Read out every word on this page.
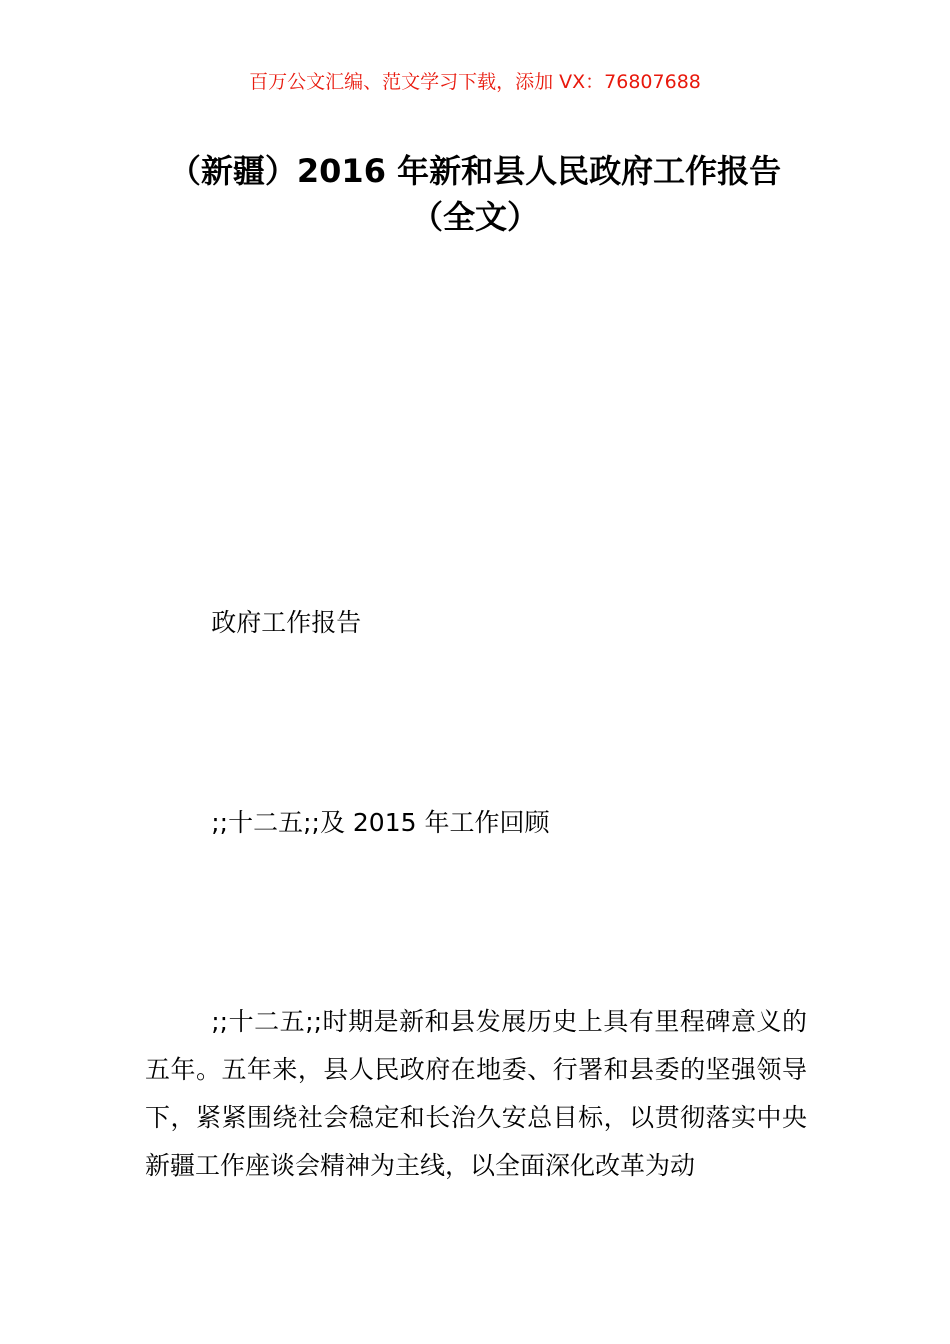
百万公文汇编、范文学习下载，添加 VX：76807688
（新疆）2016 年新和县人民政府工作报告
（全文）

政府工作报告

;;十二五;;及 2015 年工作回顾

;;十二五;;时期是新和县发展历史上具有里程碑意义的五年。五年来，县人民政府在地委、行署和县委的坚强领导下，紧紧围绕社会稳定和长治久安总目标，以贯彻落实中央新疆工作座谈会精神为主线，以全面深化改革为动
